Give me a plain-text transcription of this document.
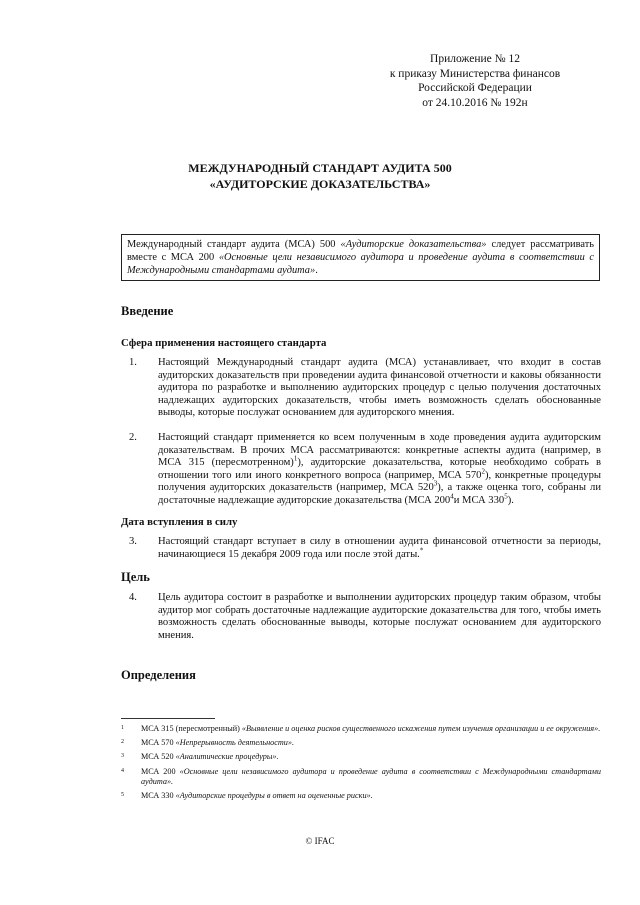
Приложение № 12
к приказу Министерства финансов
Российской Федерации
от 24.10.2016 № 192н
МЕЖДУНАРОДНЫЙ СТАНДАРТ АУДИТА 500
«АУДИТОРСКИЕ ДОКАЗАТЕЛЬСТВА»
Международный стандарт аудита (МСА) 500 «Аудиторские доказательства» следует рассматривать вместе с МСА 200 «Основные цели независимого аудитора и проведение аудита в соответствии с Международными стандартами аудита».
Введение
Сфера применения настоящего стандарта
1. Настоящий Международный стандарт аудита (МСА) устанавливает, что входит в состав аудиторских доказательств при проведении аудита финансовой отчетности и каковы обязанности аудитора по разработке и выполнению аудиторских процедур с целью получения достаточных надлежащих аудиторских доказательств, чтобы иметь возможность сделать обоснованные выводы, которые послужат основанием для аудиторского мнения.
2. Настоящий стандарт применяется ко всем полученным в ходе проведения аудита аудиторским доказательствам. В прочих МСА рассматриваются: конкретные аспекты аудита (например, в МСА 315 (пересмотренном)$^1$), аудиторские доказательства, которые необходимо собрать в отношении того или иного конкретного вопроса (например, МСА $570^2$), конкретные процедуры получения аудиторских доказательств (например, МСА $520^3$), а также оценка того, собраны ли достаточные надлежащие аудиторские доказательства (МСА $200^4и$ МСА $330^5$).
Дата вступления в силу
3. Настоящий стандарт вступает в силу в отношении аудита финансовой отчетности за периоды, начинающиеся 15 декабря 2009 года или после этой даты.*
Цель
4. Цель аудитора состоит в разработке и выполнении аудиторских процедур таким образом, чтобы аудитор мог собрать достаточные надлежащие аудиторские доказательства для того, чтобы иметь возможность сделать обоснованные выводы, которые послужат основанием для аудиторского мнения.
Определения
1 МСА 315 (пересмотренный) «Выявление и оценка рисков существенного искажения путем изучения организации и ее окружения».
2 МСА 570 «Непрерывность деятельности».
3 МСА 520 «Аналитические процедуры».
4 МСА 200 «Основные цели независимого аудитора и проведение аудита в соответствии с Международными стандартами аудита».
5 МСА 330 «Аудиторские процедуры в ответ на оцененные риски».
© IFAC
